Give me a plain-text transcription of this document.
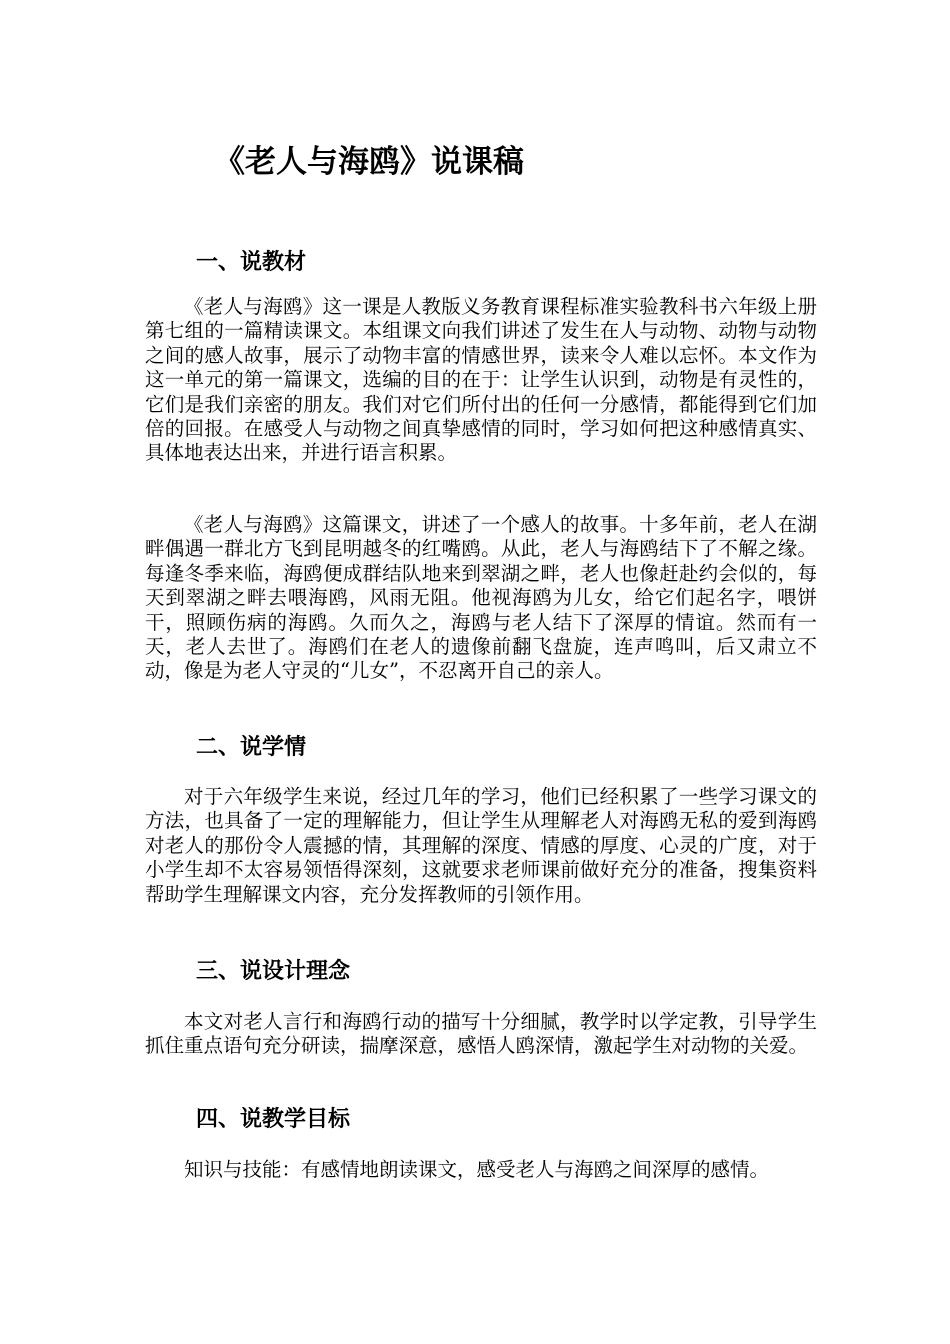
《老人与海鸥》说课稿
一、说教材

《老人与海鸥》这一课是人教版义务教育课程标准实验教科书六年级上册第七组的一篇精读课文。本组课文向我们讲述了发生在人与动物、动物与动物之间的感人故事，展示了动物丰富的情感世界，读来令人难以忘怀。本文作为这一单元的第一篇课文，选编的目的在于：让学生认识到，动物是有灵性的，它们是我们亲密的朋友。我们对它们所付出的任何一分感情，都能得到它们加倍的回报。在感受人与动物之间真挚感情的同时，学习如何把这种感情真实、具体地表达出来，并进行语言积累。

《老人与海鸥》这篇课文，讲述了一个感人的故事。十多年前，老人在湖畔偶遇一群北方飞到昆明越冬的红嘴鸥。从此，老人与海鸥结下了不解之缘。每逢冬季来临，海鸥便成群结队地来到翠湖之畔，老人也像赶赴约会似的，每天到翠湖之畔去喂海鸥，风雨无阻。他视海鸥为儿女，给它们起名字，喂饼干，照顾伤病的海鸥。久而久之，海鸥与老人结下了深厚的情谊。然而有一天，老人去世了。海鸥们在老人的遗像前翻飞盘旋，连声鸣叫，后又肃立不动，像是为老人守灵的“儿女”，不忍离开自己的亲人。

二、说学情

对于六年级学生来说，经过几年的学习，他们已经积累了一些学习课文的方法，也具备了一定的理解能力，但让学生从理解老人对海鸥无私的爱到海鸥对老人的那份令人震撼的情，其理解的深度、情感的厚度、心灵的广度，对于小学生却不太容易领悟得深刻，这就要求老师课前做好充分的准备，搜集资料帮助学生理解课文内容，充分发挥教师的引领作用。

三、说设计理念

本文对老人言行和海鸥行动的描写十分细腻，教学时以学定教，引导学生抓住重点语句充分研读，揣摩深意，感悟人鸥深情，激起学生对动物的关爱。

四、说教学目标

知识与技能：有感情地朗读课文，感受老人与海鸥之间深厚的感情。
